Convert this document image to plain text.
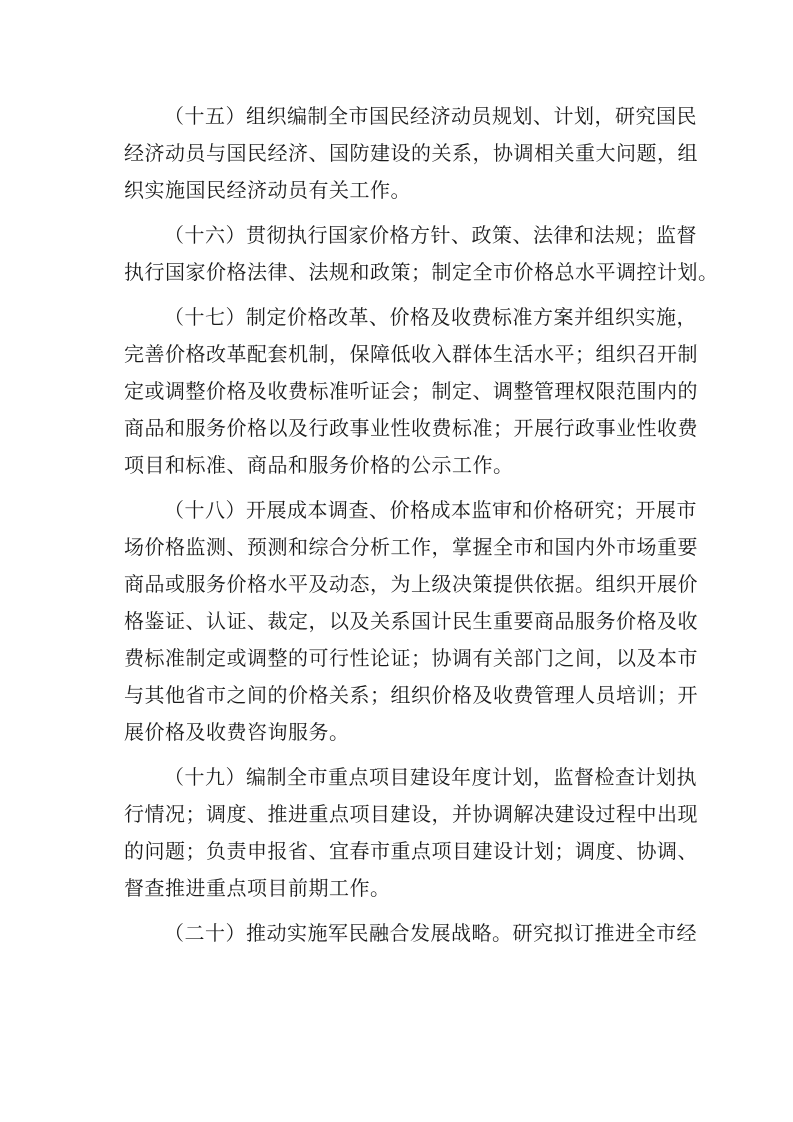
（十五）组织编制全市国民经济动员规划、计划，研究国民
经济动员与国民经济、国防建设的关系，协调相关重大问题，组
织实施国民经济动员有关工作。

（十六）贯彻执行国家价格方针、政策、法律和法规；监督
执行国家价格法律、法规和政策；制定全市价格总水平调控计划。

（十七）制定价格改革、价格及收费标准方案并组织实施，
完善价格改革配套机制，保障低收入群体生活水平；组织召开制
定或调整价格及收费标准听证会；制定、调整管理权限范围内的
商品和服务价格以及行政事业性收费标准；开展行政事业性收费
项目和标准、商品和服务价格的公示工作。

（十八）开展成本调查、价格成本监审和价格研究；开展市
场价格监测、预测和综合分析工作，掌握全市和国内外市场重要
商品或服务价格水平及动态，为上级决策提供依据。组织开展价
格鉴证、认证、裁定，以及关系国计民生重要商品服务价格及收
费标准制定或调整的可行性论证；协调有关部门之间，以及本市
与其他省市之间的价格关系；组织价格及收费管理人员培训；开
展价格及收费咨询服务。

（十九）编制全市重点项目建设年度计划，监督检查计划执
行情况；调度、推进重点项目建设，并协调解决建设过程中出现
的问题；负责申报省、宜春市重点项目建设计划；调度、协调、
督查推进重点项目前期工作。

（二十）推动实施军民融合发展战略。研究拟订推进全市经
